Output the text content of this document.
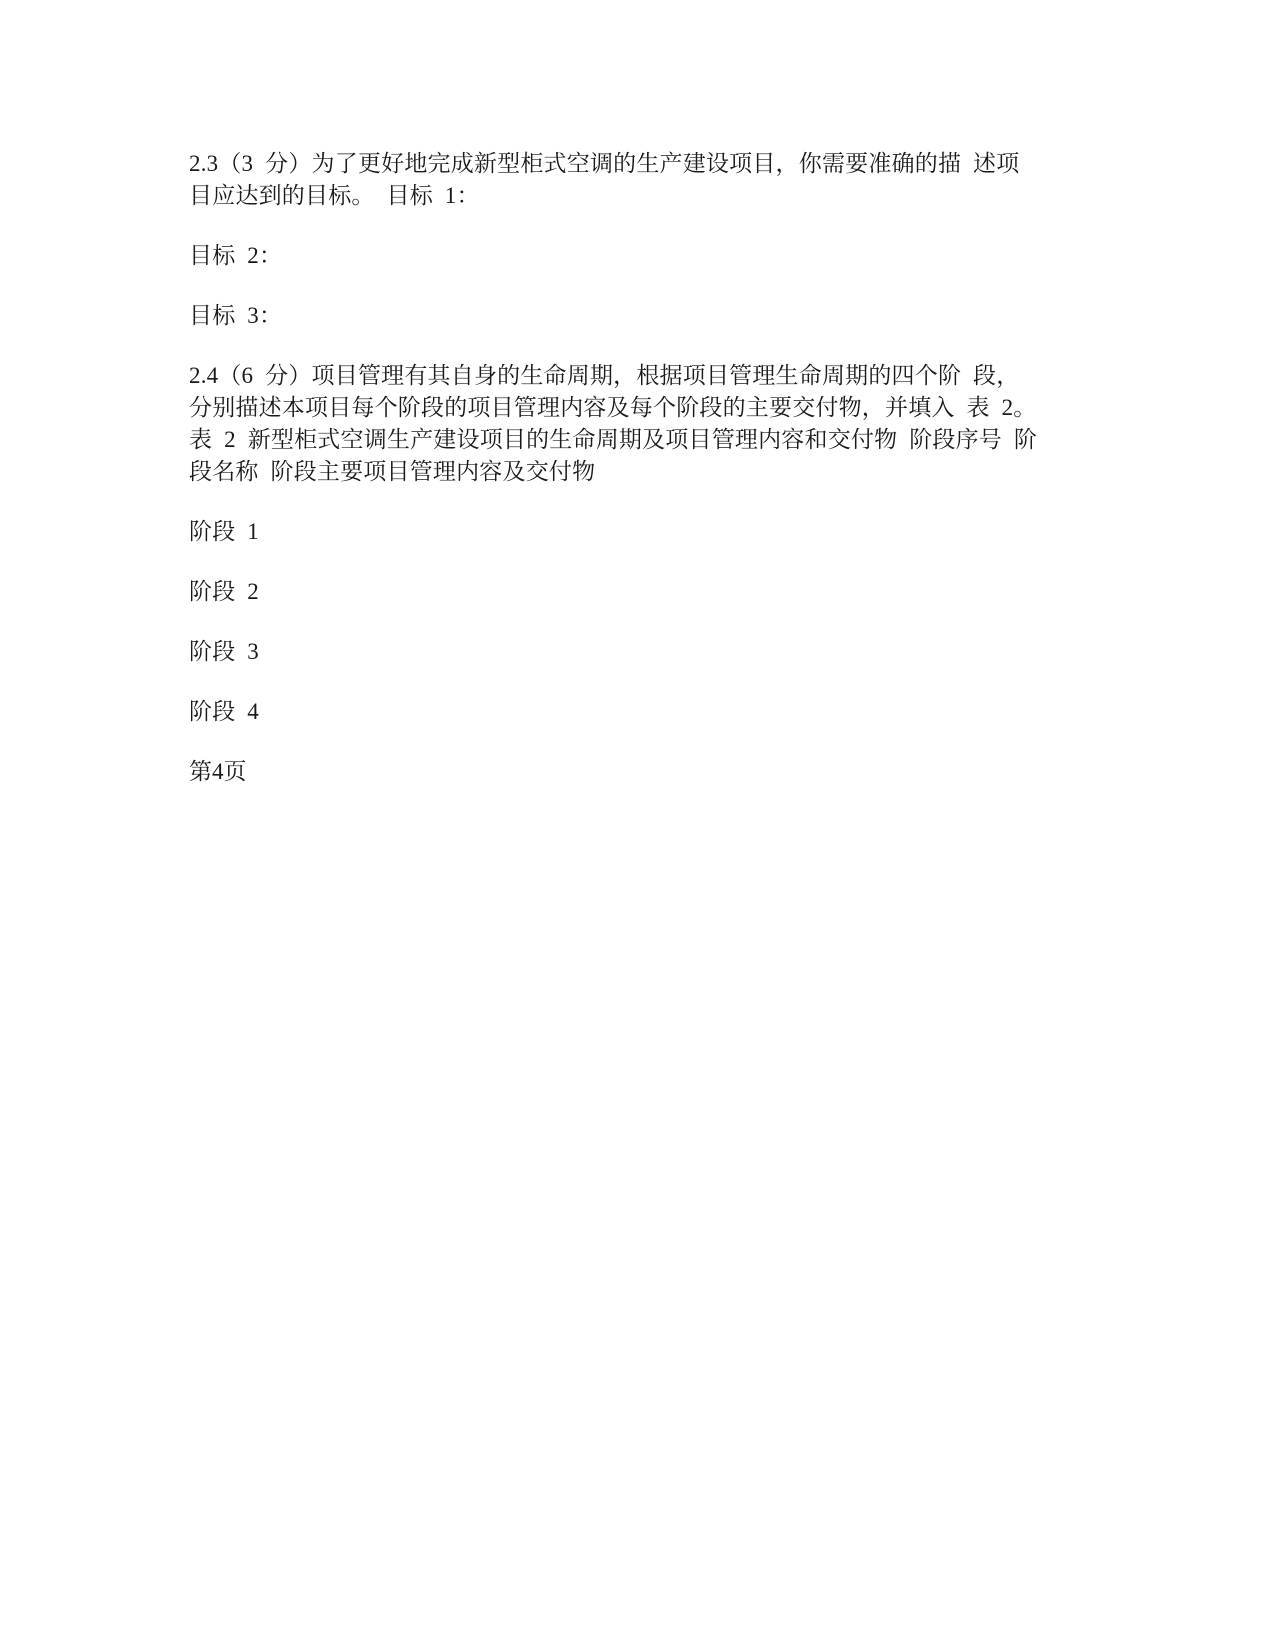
2.3（3  分）为了更好地完成新型柜式空调的生产建设项目，你需要准确的描  述项
目应达到的目标。  目标  1：
目标  2：
目标  3：
2.4（6  分）项目管理有其自身的生命周期，根据项目管理生命周期的四个阶  段，
分别描述本项目每个阶段的项目管理内容及每个阶段的主要交付物，并填入  表  2。
表  2  新型柜式空调生产建设项目的生命周期及项目管理内容和交付物  阶段序号  阶
段名称  阶段主要项目管理内容及交付物
阶段  1
阶段  2
阶段  3
阶段  4
第4页
